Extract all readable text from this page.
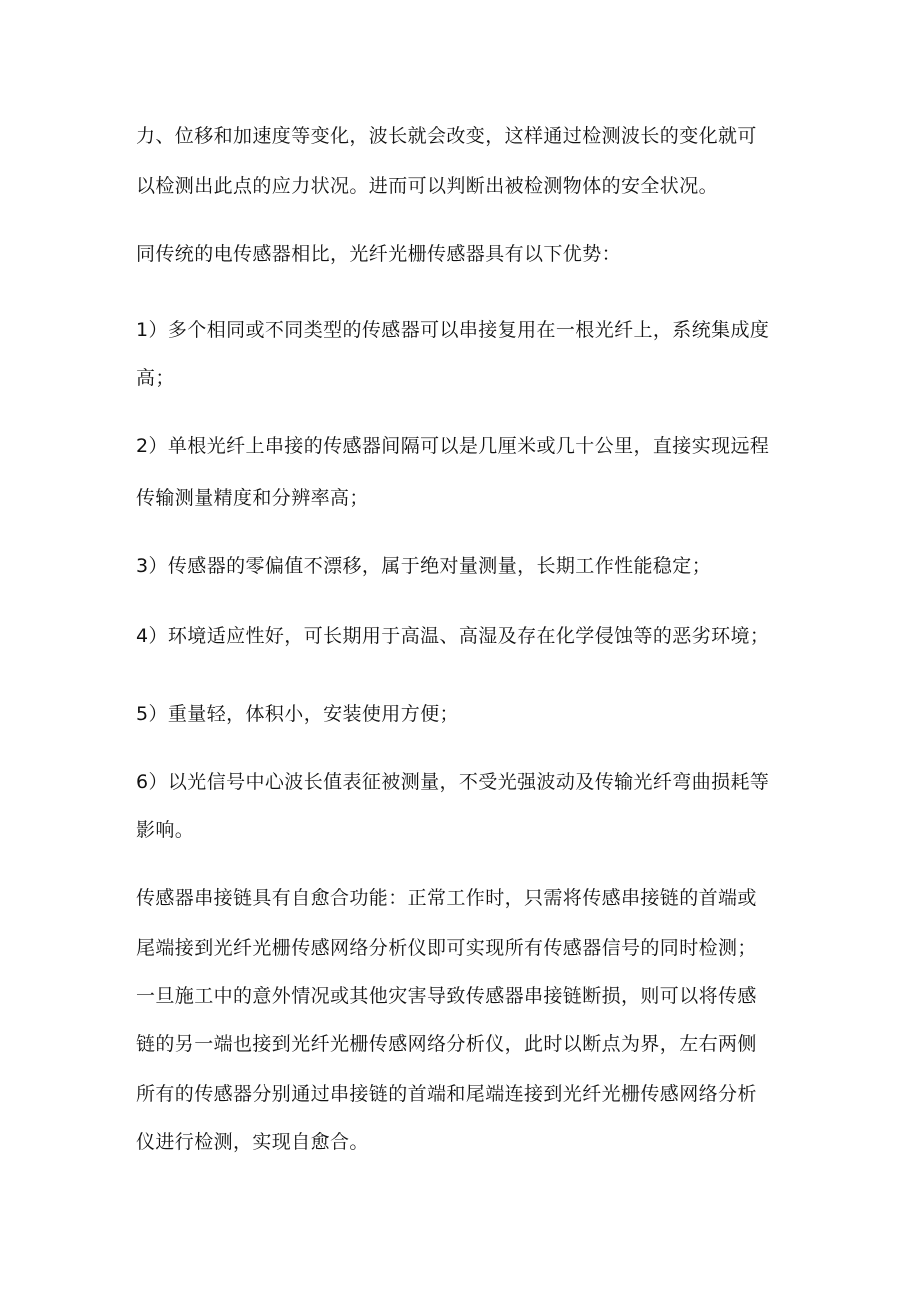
力、位移和加速度等变化，波长就会改变，这样通过检测波长的变化就可
以检测出此点的应力状况。进而可以判断出被检测物体的安全状况。
同传统的电传感器相比，光纤光栅传感器具有以下优势：
1）多个相同或不同类型的传感器可以串接复用在一根光纤上，系统集成度
高；
2）单根光纤上串接的传感器间隔可以是几厘米或几十公里，直接实现远程
传输测量精度和分辨率高；
3）传感器的零偏值不漂移，属于绝对量测量，长期工作性能稳定；
4）环境适应性好，可长期用于高温、高湿及存在化学侵蚀等的恶劣环境；
5）重量轻，体积小，安装使用方便；
6）以光信号中心波长值表征被测量，不受光强波动及传输光纤弯曲损耗等
影响。
传感器串接链具有自愈合功能：正常工作时，只需将传感串接链的首端或
尾端接到光纤光栅传感网络分析仪即可实现所有传感器信号的同时检测；
一旦施工中的意外情况或其他灾害导致传感器串接链断损，则可以将传感
链的另一端也接到光纤光栅传感网络分析仪，此时以断点为界，左右两侧
所有的传感器分别通过串接链的首端和尾端连接到光纤光栅传感网络分析
仪进行检测，实现自愈合。
